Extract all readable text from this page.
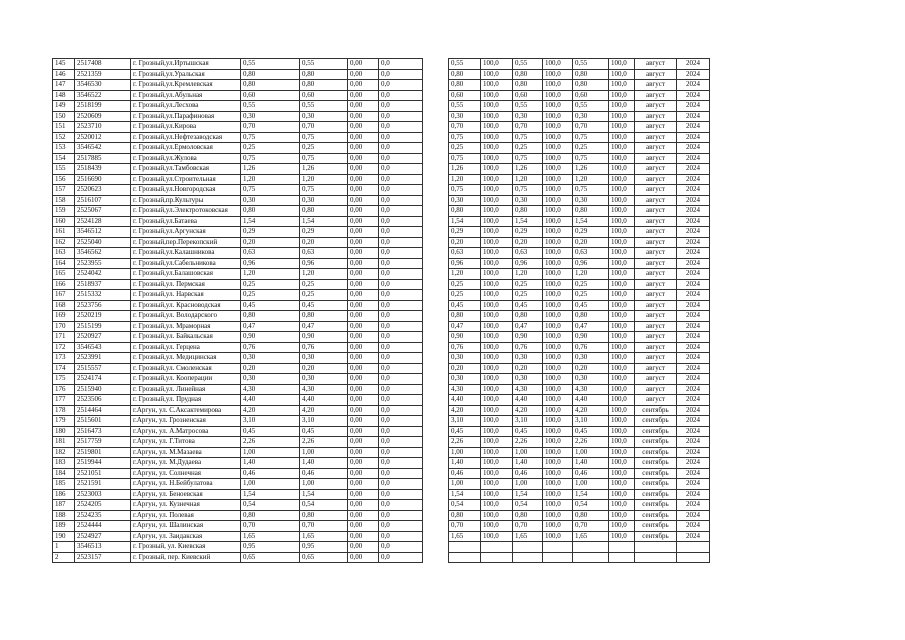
145	2517408	г. Грозный,ул.Иртышская	0,55	0,55	0,00	0,0		0,55	100,0	0,55	100,0	0,55	100,0	август	2024
146	2521359	г. Грозный,ул.Уральская	0,80	0,80	0,00	0,0		0,80	100,0	0,80	100,0	0,80	100,0	август	2024
147	3546530	г. Грозный,ул.Кремлевская	0,80	0,80	0,00	0,0		0,80	100,0	0,80	100,0	0,80	100,0	август	2024
148	3546522	г. Грозный,ул.Абульная	0,60	0,60	0,00	0,0		0,60	100,0	0,60	100,0	0,60	100,0	август	2024
149	2518199	г. Грозный,ул.Лесхова	0,55	0,55	0,00	0,0		0,55	100,0	0,55	100,0	0,55	100,0	август	2024
150	2520609	г. Грозный,ул.Парафиновая	0,30	0,30	0,00	0,0		0,30	100,0	0,30	100,0	0,30	100,0	август	2024
151	2523710	г. Грозный,ул.Кирова	0,70	0,70	0,00	0,0		0,70	100,0	0,70	100,0	0,70	100,0	август	2024
152	2520012	г. Грозный,ул.Нефтезаводская	0,75	0,75	0,00	0,0		0,75	100,0	0,75	100,0	0,75	100,0	август	2024
153	3546542	г. Грозный,ул.Ермоловская	0,25	0,25	0,00	0,0		0,25	100,0	0,25	100,0	0,25	100,0	август	2024
154	2517885	г. Грозный,ул.Жулова	0,75	0,75	0,00	0,0		0,75	100,0	0,75	100,0	0,75	100,0	август	2024
155	2518439	г. Грозный,ул.Тамбовская	1,26	1,26	0,00	0,0		1,26	100,0	1,26	100,0	1,26	100,0	август	2024
156	2516690	г. Грозный,ул.Строительная	1,20	1,20	0,00	0,0		1,20	100,0	1,20	100,0	1,20	100,0	август	2024
157	2520623	г. Грозный,ул.Новгородская	0,75	0,75	0,00	0,0		0,75	100,0	0,75	100,0	0,75	100,0	август	2024
158	2516107	г. Грозный,пр.Культуры	0,30	0,30	0,00	0,0		0,30	100,0	0,30	100,0	0,30	100,0	август	2024
159	2525067	г. Грозный,ул.Электротоковская	0,80	0,80	0,00	0,0		0,80	100,0	0,80	100,0	0,80	100,0	август	2024
160	2524128	г. Грозный,ул.Батаева	1,54	1,54	0,00	0,0		1,54	100,0	1,54	100,0	1,54	100,0	август	2024
161	3546512	г. Грозный,ул.Аргунская	0,29	0,29	0,00	0,0		0,29	100,0	0,29	100,0	0,29	100,0	август	2024
162	2525040	г. Грозный,пер.Перекопский	0,20	0,20	0,00	0,0		0,20	100,0	0,20	100,0	0,20	100,0	август	2024
163	3546562	г. Грозный,ул.Калашникова	0,63	0,63	0,00	0,0		0,63	100,0	0,63	100,0	0,63	100,0	август	2024
164	2523955	г. Грозный,ул.Сабельникова	0,96	0,96	0,00	0,0		0,96	100,0	0,96	100,0	0,96	100,0	август	2024
165	2524042	г. Грозный,ул.Балашовская	1,20	1,20	0,00	0,0		1,20	100,0	1,20	100,0	1,20	100,0	август	2024
166	2518937	г. Грозный,ул. Пермская	0,25	0,25	0,00	0,0		0,25	100,0	0,25	100,0	0,25	100,0	август	2024
167	2515332	г. Грозный,ул. Нарвская	0,25	0,25	0,00	0,0		0,25	100,0	0,25	100,0	0,25	100,0	август	2024
168	2523756	г. Грозный,ул. Красноводская	0,45	0,45	0,00	0,0		0,45	100,0	0,45	100,0	0,45	100,0	август	2024
169	2520219	г. Грозный,ул. Володарского	0,80	0,80	0,00	0,0		0,80	100,0	0,80	100,0	0,80	100,0	август	2024
170	2515199	г. Грозный,ул. Мраморная	0,47	0,47	0,00	0,0		0,47	100,0	0,47	100,0	0,47	100,0	август	2024
171	2520927	г. Грозный,ул. Байкальская	0,90	0,90	0,00	0,0		0,90	100,0	0,90	100,0	0,90	100,0	август	2024
172	3546543	г. Грозный,ул. Герцена	0,76	0,76	0,00	0,0		0,76	100,0	0,76	100,0	0,76	100,0	август	2024
173	2523991	г. Грозный,ул. Медицинская	0,30	0,30	0,00	0,0		0,30	100,0	0,30	100,0	0,30	100,0	август	2024
174	2515557	г. Грозный,ул. Смоленская	0,20	0,20	0,00	0,0		0,20	100,0	0,20	100,0	0,20	100,0	август	2024
175	2524174	г. Грозный,ул. Кооперации	0,30	0,30	0,00	0,0		0,30	100,0	0,30	100,0	0,30	100,0	август	2024
176	2515940	г. Грозный,ул. Линейная	4,30	4,30	0,00	0,0		4,30	100,0	4,30	100,0	4,30	100,0	август	2024
177	2523506	г. Грозный,ул. Прудная	4,40	4,40	0,00	0,0		4,40	100,0	4,40	100,0	4,40	100,0	август	2024
178	2514464	г.Аргун, ул. С.Аксактемирова	4,20	4,20	0,00	0,0		4,20	100,0	4,20	100,0	4,20	100,0	сентябрь	2024
179	2515601	г.Аргун, ул. Грозненская	3,10	3,10	0,00	0,0		3,10	100,0	3,10	100,0	3,10	100,0	сентябрь	2024
180	2516473	г.Аргун, ул. А.Матросова	0,45	0,45	0,00	0,0		0,45	100,0	0,45	100,0	0,45	100,0	сентябрь	2024
181	2517759	г.Аргун, ул. Г.Титова	2,26	2,26	0,00	0,0		2,26	100,0	2,26	100,0	2,26	100,0	сентябрь	2024
182	2519801	г.Аргун, ул. М.Мазаева	1,00	1,00	0,00	0,0		1,00	100,0	1,00	100,0	1,00	100,0	сентябрь	2024
183	2519944	г.Аргун, ул. М.Дудаева	1,40	1,40	0,00	0,0		1,40	100,0	1,40	100,0	1,40	100,0	сентябрь	2024
184	2521051	г.Аргун, ул. Солнечная	0,46	0,46	0,00	0,0		0,46	100,0	0,46	100,0	0,46	100,0	сентябрь	2024
185	2521591	г.Аргун, ул. Н.Бейбулатова	1,00	1,00	0,00	0,0		1,00	100,0	1,00	100,0	1,00	100,0	сентябрь	2024
186	2523003	г.Аргун, ул. Беноевская	1,54	1,54	0,00	0,0		1,54	100,0	1,54	100,0	1,54	100,0	сентябрь	2024
187	2524205	г.Аргун, ул. Кузнечная	0,54	0,54	0,00	0,0		0,54	100,0	0,54	100,0	0,54	100,0	сентябрь	2024
188	2524235	г.Аргун, ул. Полевая	0,80	0,80	0,00	0,0		0,80	100,0	0,80	100,0	0,80	100,0	сентябрь	2024
189	2524444	г.Аргун, ул. Шалинская	0,70	0,70	0,00	0,0		0,70	100,0	0,70	100,0	0,70	100,0	сентябрь	2024
190	2524927	г.Аргун, ул. Заидакская	1,65	1,65	0,00	0,0		1,65	100,0	1,65	100,0	1,65	100,0	сентябрь	2024
1	3546513	г. Грозный, ул. Киевская	0,95	0,95	0,00	0,0									
2	2523157	г. Грозный, пер. Киевский	0,65	0,65	0,00	0,0									
